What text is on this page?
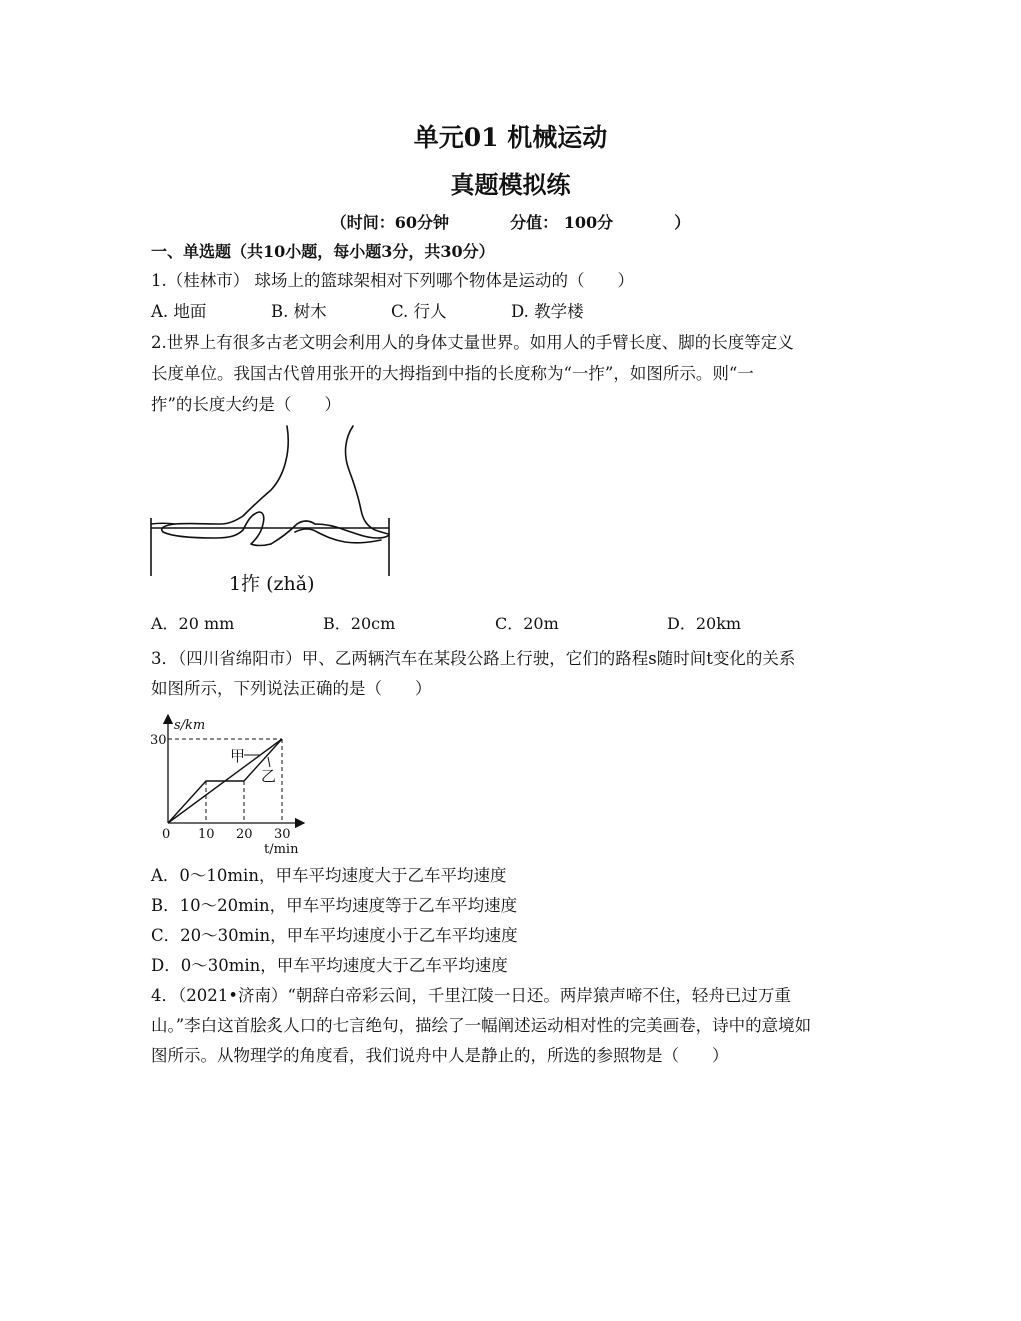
单元01 机械运动
真题模拟练
（时间：60分钟	分值： 100分	）
一、单选题（共10小题，每小题3分，共30分）
1.（桂林市） 球场上的篮球架相对下列哪个物体是运动的（　　）
A. 地面	B. 树木	C. 行人	D. 教学楼
2.世界上有很多古老文明会利用人的身体丈量世界。如用人的手臂长度、脚的长度等定义
长度单位。我国古代曾用张开的大拇指到中指的长度称为“一拃”，如图所示。则“一
拃”的长度大约是（　　）
1拃 (zhǎ)
A．20 mm	B．20cm	C．20m	D．20km
3．（四川省绵阳市）甲、乙两辆汽车在某段公路上行驶，它们的路程s随时间t变化的关系
如图所示，下列说法正确的是（　　）
0 10 20 30
30
s/km
t/min
甲
乙
A．0～10min，甲车平均速度大于乙车平均速度
B．10～20min，甲车平均速度等于乙车平均速度
C．20～30min，甲车平均速度小于乙车平均速度
D．0～30min，甲车平均速度大于乙车平均速度
4．（2021•济南）“朝辞白帝彩云间，千里江陵一日还。两岸猿声啼不住，轻舟已过万重
山。”李白这首脍炙人口的七言绝句，描绘了一幅阐述运动相对性的完美画卷，诗中的意境如
图所示。从物理学的角度看，我们说舟中人是静止的，所选的参照物是（　　）
